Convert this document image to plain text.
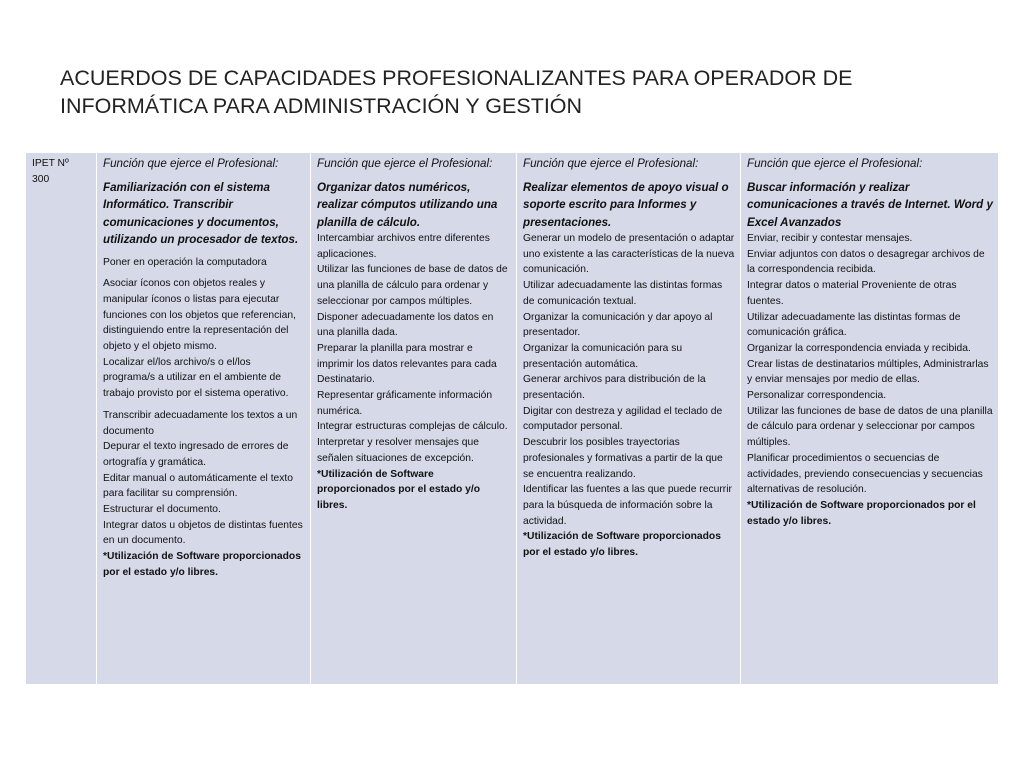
ACUERDOS DE CAPACIDADES PROFESIONALIZANTES PARA OPERADOR DE
INFORMÁTICA PARA ADMINISTRACIÓN Y GESTIÓN
IPET Nº
300

Función que ejerce el Profesional:
Familiarización con el sistema Informático. Transcribir comunicaciones y documentos, utilizando un procesador de textos.
Poner en operación la computadora
Asociar íconos con objetos reales y manipular íconos o listas para ejecutar funciones con los objetos que referencian, distinguiendo entre la representación del objeto y el objeto mismo.
Localizar el/los archivo/s o el/los programa/s a utilizar en el ambiente de trabajo provisto por el sistema operativo.
Transcribir adecuadamente los textos a un documento
Depurar el texto ingresado de errores de ortografía y gramática.
Editar manual o automáticamente el texto para facilitar su comprensión.
Estructurar el documento.
Integrar datos u objetos de distintas fuentes en un documento.
*Utilización de Software proporcionados por el estado y/o libres.

Función que ejerce el Profesional:
Organizar datos numéricos, realizar cómputos utilizando una planilla de cálculo.
Intercambiar archivos entre diferentes aplicaciones.
Utilizar las funciones de base de datos de una planilla de cálculo para ordenar y seleccionar por campos múltiples.
Disponer adecuadamente los datos en una planilla dada.
Preparar la planilla para mostrar e imprimir los datos relevantes para cada Destinatario.
Representar gráficamente información numérica.
Integrar estructuras complejas de cálculo.
Interpretar y resolver mensajes que señalen situaciones de excepción.
*Utilización de Software proporcionados por el estado y/o libres.

Función que ejerce el Profesional:
Realizar elementos de apoyo visual o soporte escrito para Informes y presentaciones.
Generar un modelo de presentación o adaptar uno existente a las características de la nueva comunicación.
Utilizar adecuadamente las distintas formas de comunicación textual.
Organizar la comunicación y dar apoyo al presentador.
Organizar la comunicación para su presentación automática.
Generar archivos para distribución de la presentación.
Digitar con destreza y agilidad el teclado de computador personal.
Descubrir los posibles trayectorias profesionales y formativas a partir de la que se encuentra realizando.
Identificar las fuentes a las que puede recurrir para la búsqueda de información sobre la actividad.
*Utilización de Software proporcionados por el estado y/o libres.

Función que ejerce el Profesional:
Buscar información y realizar comunicaciones a través de Internet. Word y Excel Avanzados
Enviar, recibir y contestar mensajes.
Enviar adjuntos con datos o desagregar archivos de la correspondencia recibida.
Integrar datos o material Proveniente de otras fuentes.
Utilizar adecuadamente las distintas formas de comunicación gráfica.
Organizar la correspondencia enviada y recibida.
Crear listas de destinatarios múltiples, Administrarlas y enviar mensajes por medio de ellas.
Personalizar correspondencia.
Utilizar las funciones de base de datos de una planilla de cálculo para ordenar y seleccionar por campos múltiples.
Planificar procedimientos o secuencias de actividades, previendo consecuencias y secuencias alternativas de resolución.
*Utilización de Software proporcionados por el estado y/o libres.
